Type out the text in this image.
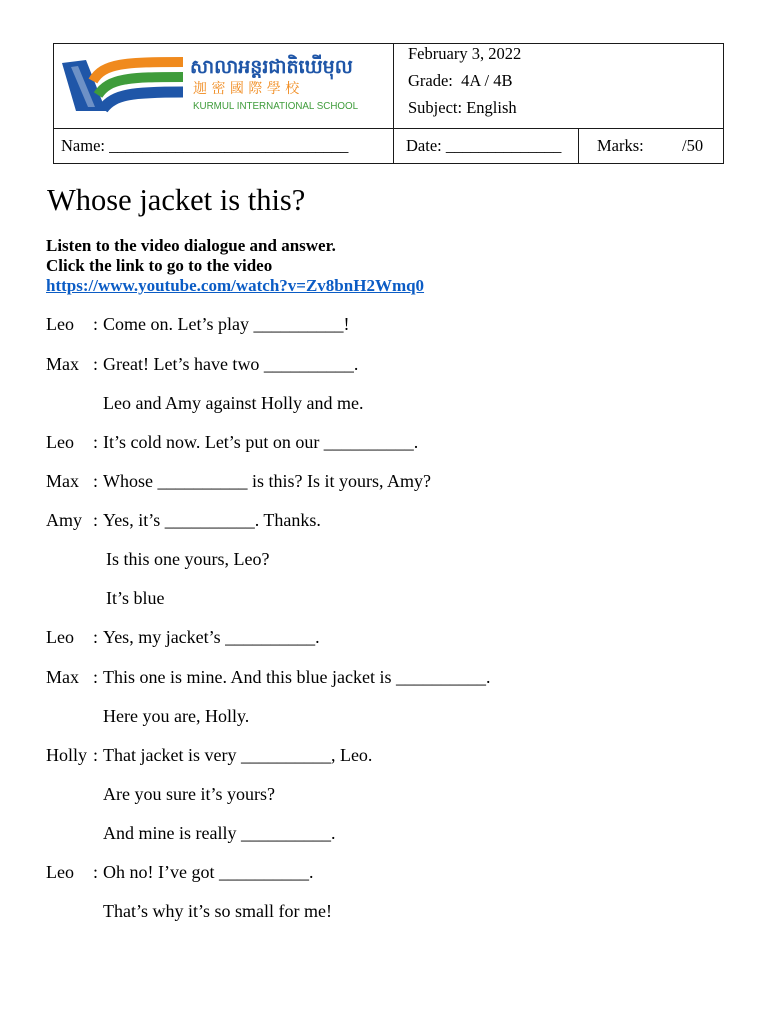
សាលាអន្តរជាតិឃើមុល
迦 密 國 際 學 校
KURMUL INTERNATIONAL SCHOOL
February 3, 2022
Grade:  4A / 4B
Subject: English
Name: _____________________________	Date: ______________ Marks: /50
Whose jacket is this?
Listen to the video dialogue and answer.
Click the link to go to the video
https://www.youtube.com/watch?v=Zv8bnH2Wmq0
Leo : Come on. Let’s play __________!
Max : Great! Let’s have two __________.
Leo and Amy against Holly and me.
Leo : It’s cold now. Let’s put on our __________.
Max : Whose __________ is this? Is it yours, Amy?
Amy : Yes, it’s __________. Thanks.
Is this one yours, Leo?
It’s blue
Leo : Yes, my jacket’s __________.
Max : This one is mine. And this blue jacket is __________.
Here you are, Holly.
Holly : That jacket is very __________, Leo.
Are you sure it’s yours?
And mine is really __________.
Leo : Oh no! I’ve got __________.
That’s why it’s so small for me!
